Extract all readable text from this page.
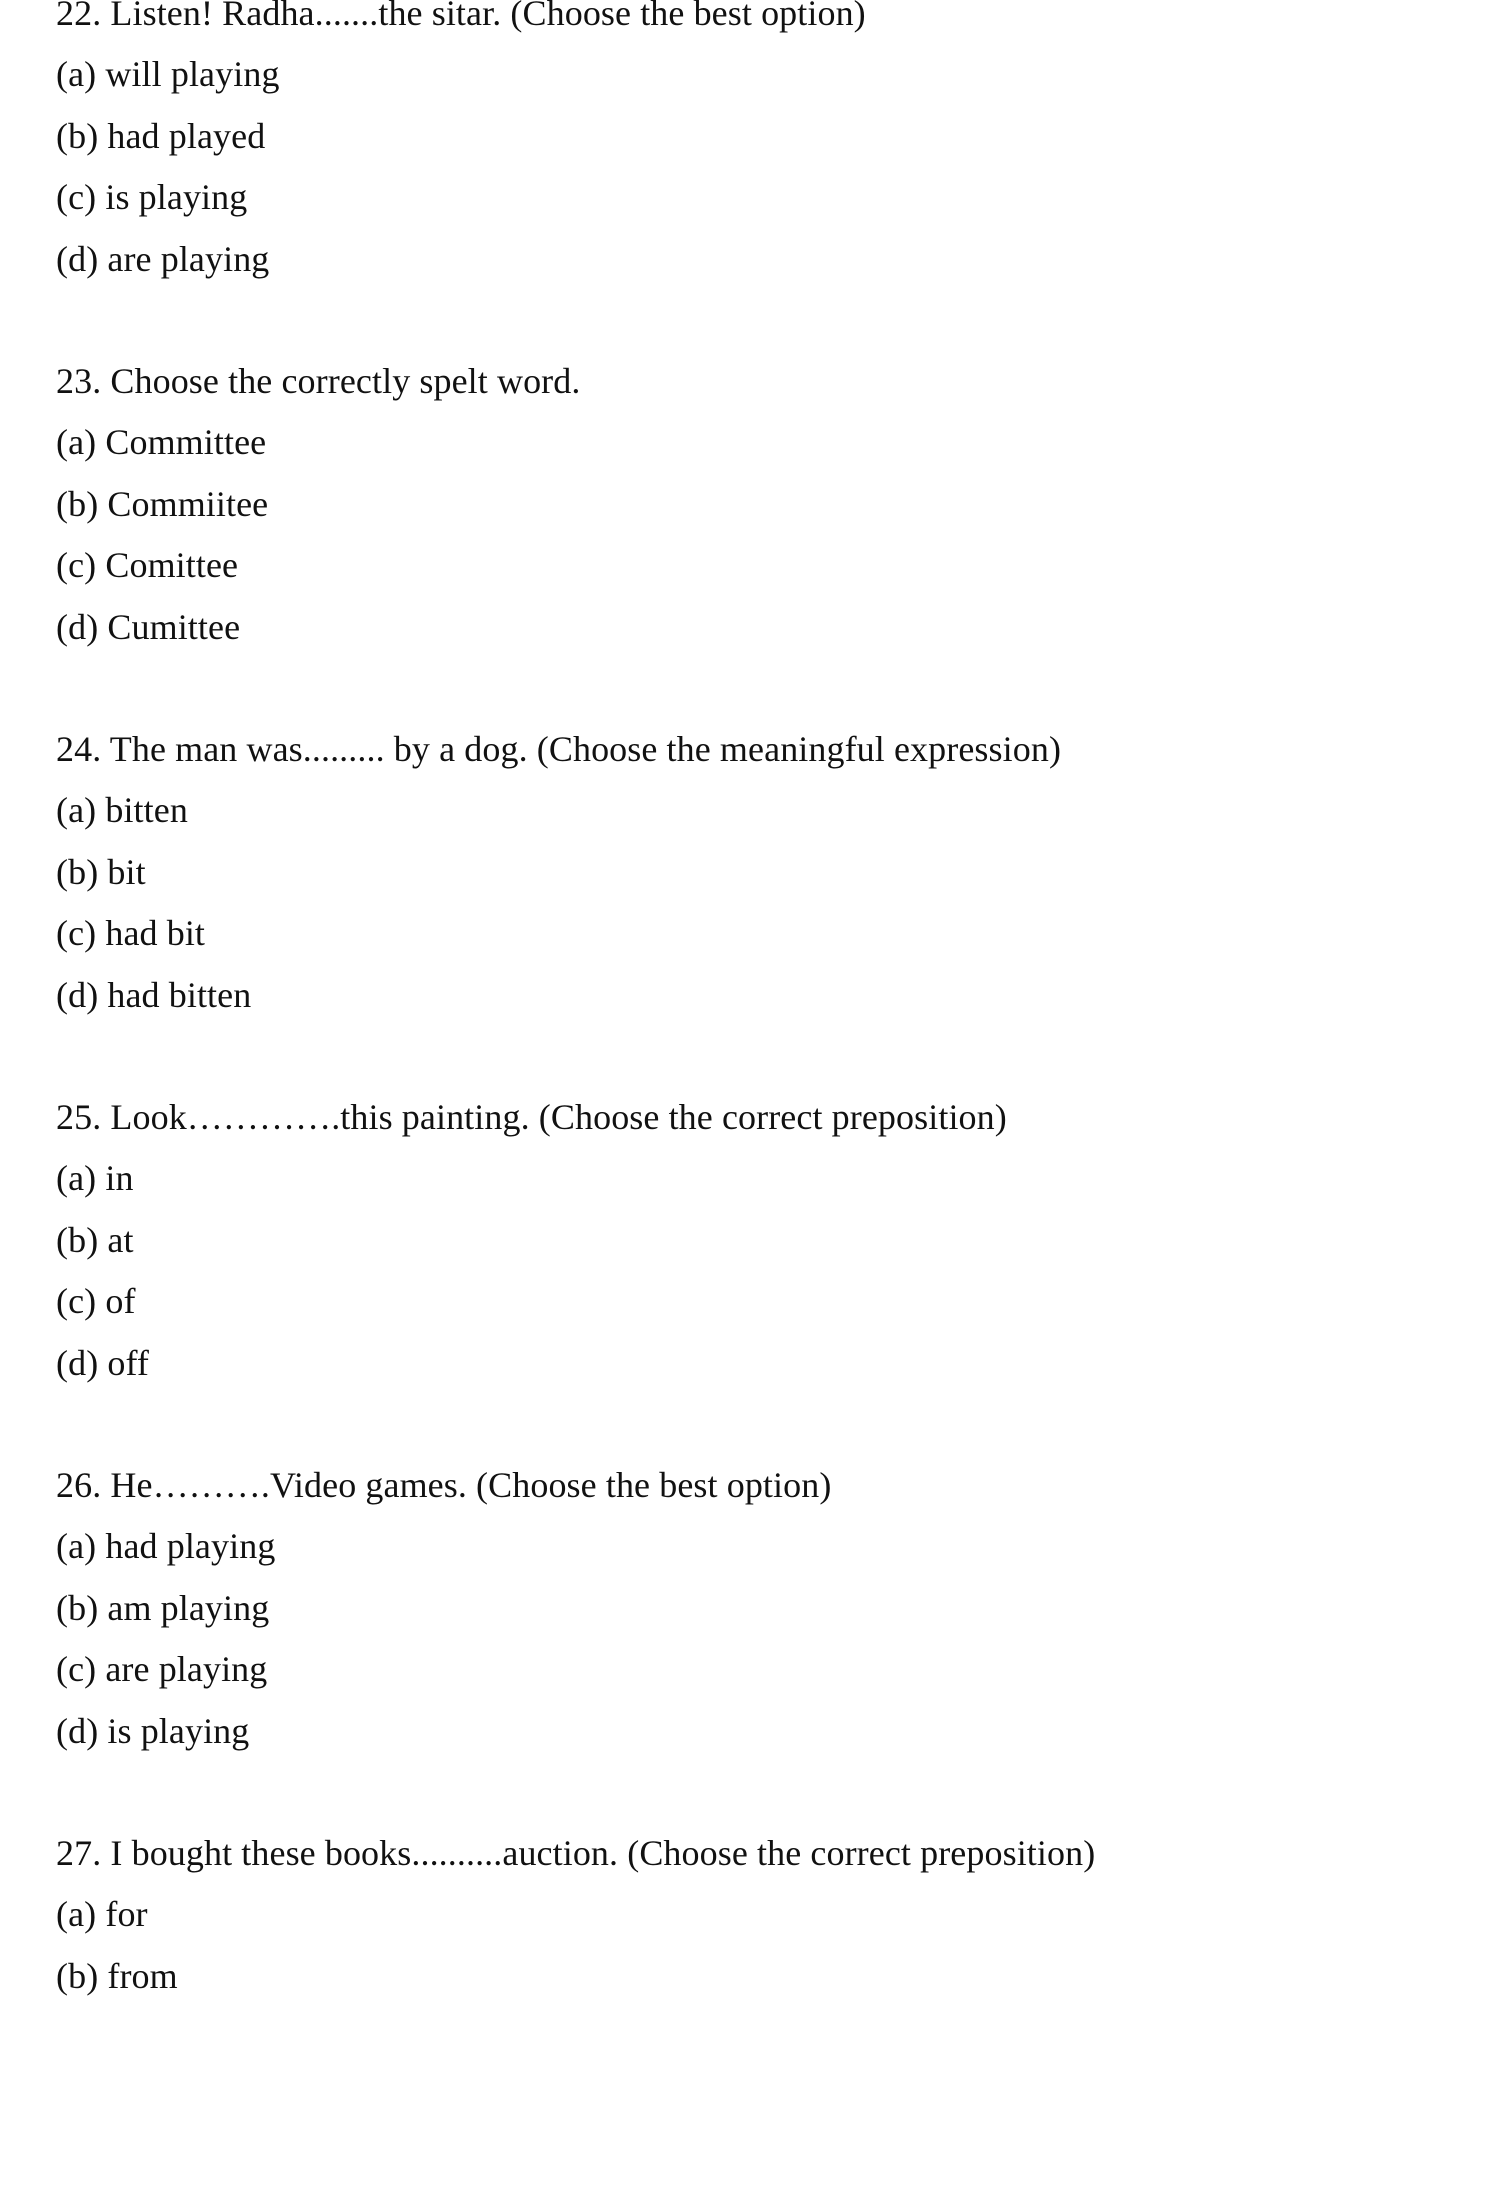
22. Listen! Radha.......the sitar. (Choose the best option)
(a) will playing
(b) had played
(c) is playing
(d) are playing
23. Choose the correctly spelt word.
(a) Committee
(b) Commiitee
(c) Comittee
(d) Cumittee
24. The man was......... by a dog. (Choose the meaningful expression)
(a) bitten
(b) bit
(c) had bit
(d) had bitten
25. Look………….this painting. (Choose the correct preposition)
(a) in
(b) at
(c) of
(d) off
26. He……….Video games. (Choose the best option)
(a) had playing
(b) am playing
(c) are playing
(d) is playing
27. I bought these books..........auction. (Choose the correct preposition)
(a) for
(b) from
